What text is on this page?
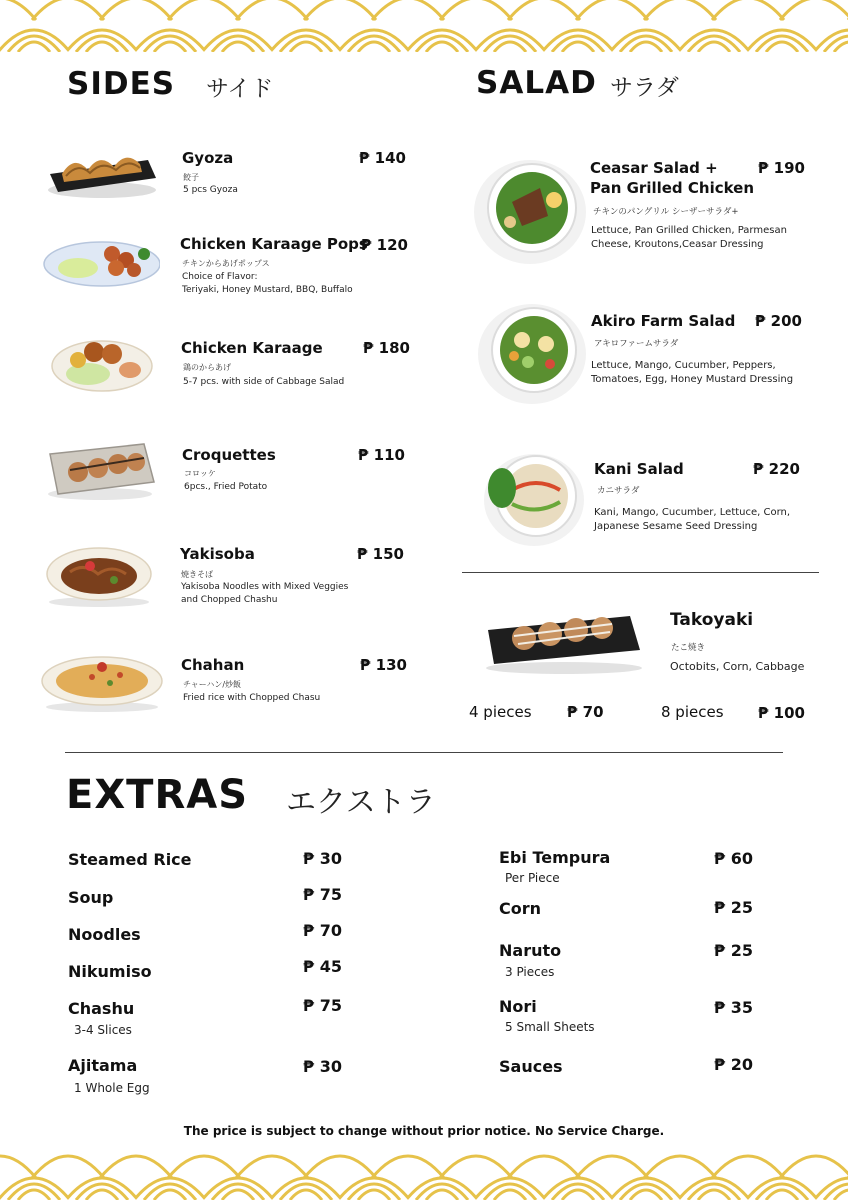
SIDES サイド	SALAD サラダ
Gyoza	₱ 140
餃子
5 pcs Gyoza
Chicken Karaage Pops
₱ 120
チキンからあげポップス
Choice of Flavor:
Teriyaki, Honey Mustard, BBQ, Buffalo
Chicken Karaage	₱ 180
鶏のからあげ
5-7 pcs. with side of Cabbage Salad
Croquettes	₱ 110
コロッケ
6pcs., Fried Potato
Yakisoba	₱ 150
焼きそば
Yakisoba Noodles with Mixed Veggies
and Chopped Chashu
Chahan	₱ 130
チャーハン/炒飯
Fried rice with Chopped Chasu
Ceasar Salad +
Pan Grilled Chicken
₱ 190
チキンのパングリル シーザーサラダ+
Lettuce, Pan Grilled Chicken, Parmesan
Cheese, Kroutons,Ceasar Dressing
Akiro Farm Salad ₱ 200
アキロファームサラダ
Lettuce, Mango, Cucumber, Peppers,
Tomatoes, Egg, Honey Mustard Dressing
Kani Salad	₱ 220
カニサラダ
Kani, Mango, Cucumber, Lettuce, Corn,
Japanese Sesame Seed Dressing
Takoyaki
たこ焼き
Octobits, Corn, Cabbage
4 pieces ₱ 70	8 pieces ₱ 100
EXTRAS エクストラ
Steamed Rice	₱ 30
Soup	₱ 75
Noodles	₱ 70
Nikumiso	₱ 45
Chashu	₱ 75
3-4 Slices
Ajitama	₱ 30
1 Whole Egg
Ebi Tempura	₱ 60
Per Piece
Corn	₱ 25
Naruto	₱ 25
3 Pieces
Nori	₱ 35
5 Small Sheets
Sauces	₱ 20
The price is subject to change without prior notice. No Service Charge.
